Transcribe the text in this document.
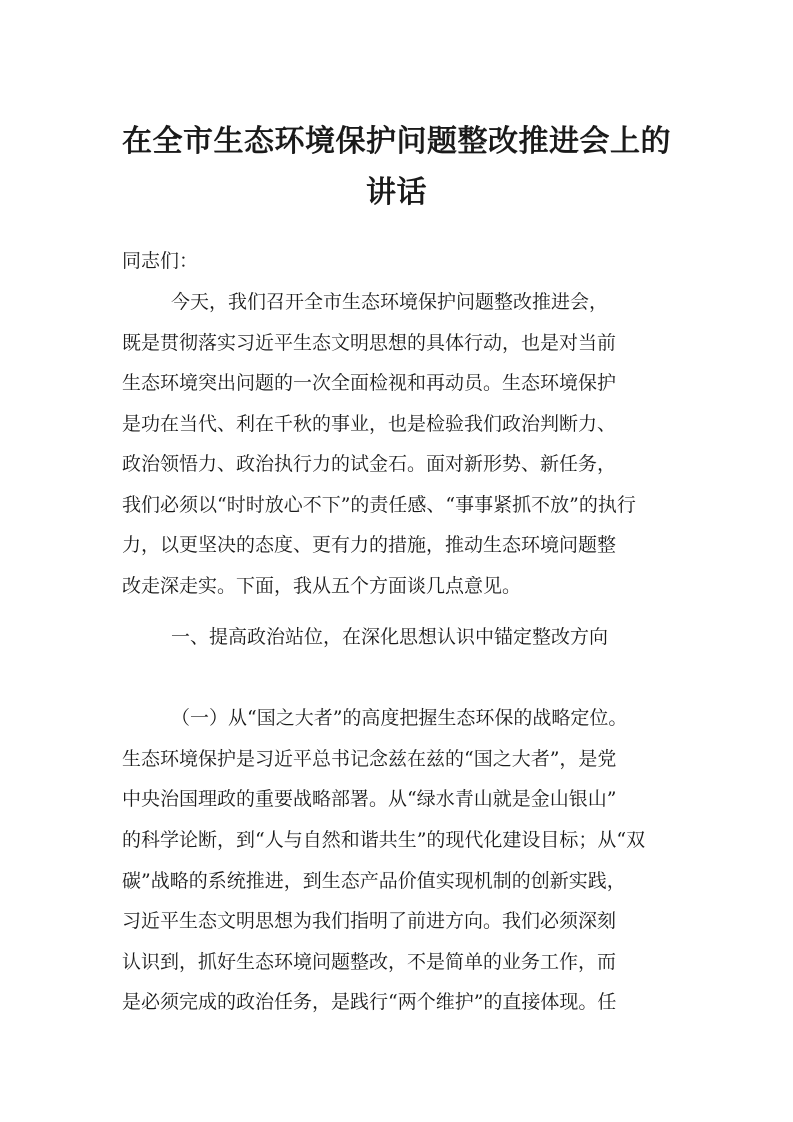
在全市生态环境保护问题整改推进会上的
讲话
同志们：
今天，我们召开全市生态环境保护问题整改推进会，
既是贯彻落实习近平生态文明思想的具体行动，也是对当前
生态环境突出问题的一次全面检视和再动员。生态环境保护
是功在当代、利在千秋的事业，也是检验我们政治判断力、
政治领悟力、政治执行力的试金石。面对新形势、新任务，
我们必须以“时时放心不下”的责任感、“事事紧抓不放”的执行
力，以更坚决的态度、更有力的措施，推动生态环境问题整
改走深走实。下面，我从五个方面谈几点意见。
一、提高政治站位，在深化思想认识中锚定整改方向
（一）从“国之大者”的高度把握生态环保的战略定位。
生态环境保护是习近平总书记念兹在兹的“国之大者”，是党
中央治国理政的重要战略部署。从“绿水青山就是金山银山”
的科学论断，到“人与自然和谐共生”的现代化建设目标；从“双
碳”战略的系统推进，到生态产品价值实现机制的创新实践，
习近平生态文明思想为我们指明了前进方向。我们必须深刻
认识到，抓好生态环境问题整改，不是简单的业务工作，而
是必须完成的政治任务，是践行“两个维护”的直接体现。任
